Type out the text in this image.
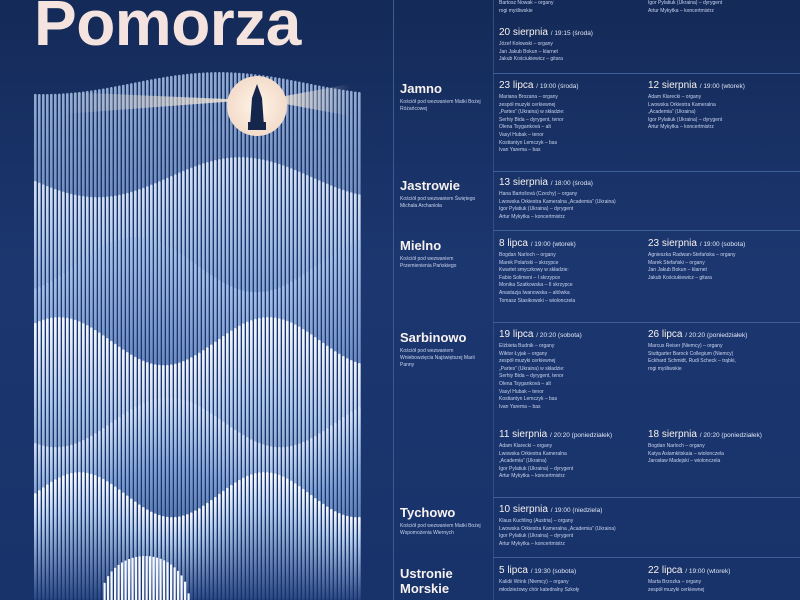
Pomorza	Bartosz Nowak – organy
rogi myśliwskie
Igor Pylatiuk (Ukraina) – dyrygent
Artur Mykytka – koncertmistrz
20 sierpnia / 19:15 (środa)
Józef Kołowski – organy
Jan Jakub Bokun – klarnet
Jakub Kościukiewicz – gitara
Jamno
Kościół pod wezwaniem Matki Bożej Różańcowej
23 lipca / 19:00 (środa)
Mariana Brozana – organy
zespół muzyki cerkiewnej
„Partes” (Ukraina) w składzie:
Serhiy Bida – dyrygent, tenor
Olena Tsyganková – alt
Vasyl Hubak – tenor
Kostiantyn Lemczyk – bas
Ivan Yarema – bas
12 sierpnia / 19:00 (wtorek)
Adam Klarecki – organy
Lwowska Orkiestra Kameralna
„Academia” (Ukraina)
Igor Pylatiuk (Ukraina) – dyrygent
Artur Mykytka – koncertmistrz
Jastrowie
Kościół pod wezwaniem Świętego Michała Archanioła
13 sierpnia / 18:00 (środa)
Hana Bartošová (Czechy) – organy
Lwowska Orkiestra Kameralna „Academia” (Ukraina)
Igor Pylatiuk (Ukraina) – dyrygent
Artur Mykytka – koncertmistrz
Mielno
Kościół pod wezwaniem Przemienienia Pańskiego
8 lipca / 19:00 (wtorek)
Bogdan Narloch – organy
Marek Polański – skrzypce
Kwartet smyczkowy w składzie:
Fabio Solimeni – I skrzypce
Monika Szatkowska – II skrzypce
Anastazja Iwanowska – altówka
Tomasz Stasikowski – wiolonczela
23 sierpnia / 19:00 (sobota)
Agnieszka Radwan-Stefańska – organy
Marek Stefański – organy
Jan Jakub Bokun – klarnet
Jakub Kościukiewicz – gitara
Sarbinowo
Kościół pod wezwaniem Wniebowzięcia Najświętszej Marii Panny
19 lipca / 20:20 (sobota)
Elżbieta Budnik – organy
Wiktor Łyjak – organy
zespół muzyki cerkiewnej
„Partes” (Ukraina) w składzie:
Serhiy Bida – dyrygent, tenor
Olena Tsyganková – alt
Vasyl Hubak – tenor
Kostiantyn Lemczyk – bas
Ivan Yarema – bas
26 lipca / 20:20 (poniedziałek)
Marcus Reiser (Niemcy) – organy
Stuttgarter Barock Collegium (Niemcy)
Eckhard Schmidt, Rudi Scheck – trąbki,
rogi myśliwskie
11 sierpnia / 20:20 (poniedziałek)
Adam Klarecki – organy
Lwowska Orkiestra Kameralna
„Academia” (Ukraina)
Igor Pylatiuk (Ukraina) – dyrygent
Artur Mykytka – koncertmistrz
18 sierpnia / 20:20 (poniedziałek)
Bogdan Narloch – organy
Katya Aslamkitskaia – wiolonczela
Jarosław Madejski – wiolonczela
Tychowo
Kościół pod wezwaniem Matki Bożej Wspomożenia Wiernych
10 sierpnia / 19:00 (niedziela)
Klaus Kuchling (Austria) – organy
Lwowska Orkiestra Kameralna „Academia” (Ukraina)
Igor Pylatiuk (Ukraina) – dyrygent
Artur Mykytka – koncertmistrz
Ustronie Morskie
5 lipca / 19:30 (sobota)
Kalidii Wrink (Niemcy) – organy
młodzieżowy chór katedralny Szkoły
22 lipca / 19:00 (wtorek)
Marta Brzozka – organy
zespół muzyki cerkiewnej
